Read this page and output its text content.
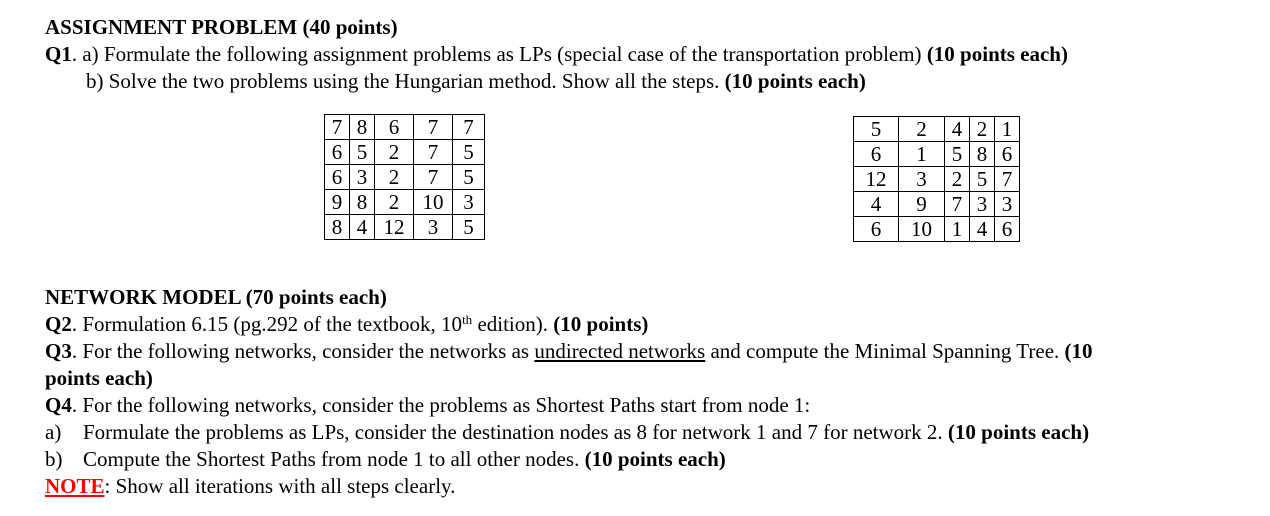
ASSIGNMENT PROBLEM (40 points)
Q1. a) Formulate the following assignment problems as LPs (special case of the transportation problem) (10 points each)
b) Solve the two problems using the Hungarian method. Show all the steps. (10 points each)
7	8	6	7	7
6	5	2	7	5
6	3	2	7	5
9	8	2	10	3
8	4	12	3	5
5	2	4	2	1
6	1	5	8	6
12	3	2	5	7
4	9	7	3	3
6	10	1	4	6
NETWORK MODEL (70 points each)
Q2. Formulation 6.15 (pg.292 of the textbook, 10th edition). (10 points)
Q3. For the following networks, consider the networks as undirected networks and compute the Minimal Spanning Tree. (10
points each)
Q4. For the following networks, consider the problems as Shortest Paths start from node 1:
a) Formulate the problems as LPs, consider the destination nodes as 8 for network 1 and 7 for network 2. (10 points each)
b) Compute the Shortest Paths from node 1 to all other nodes. (10 points each)
NOTE: Show all iterations with all steps clearly.
